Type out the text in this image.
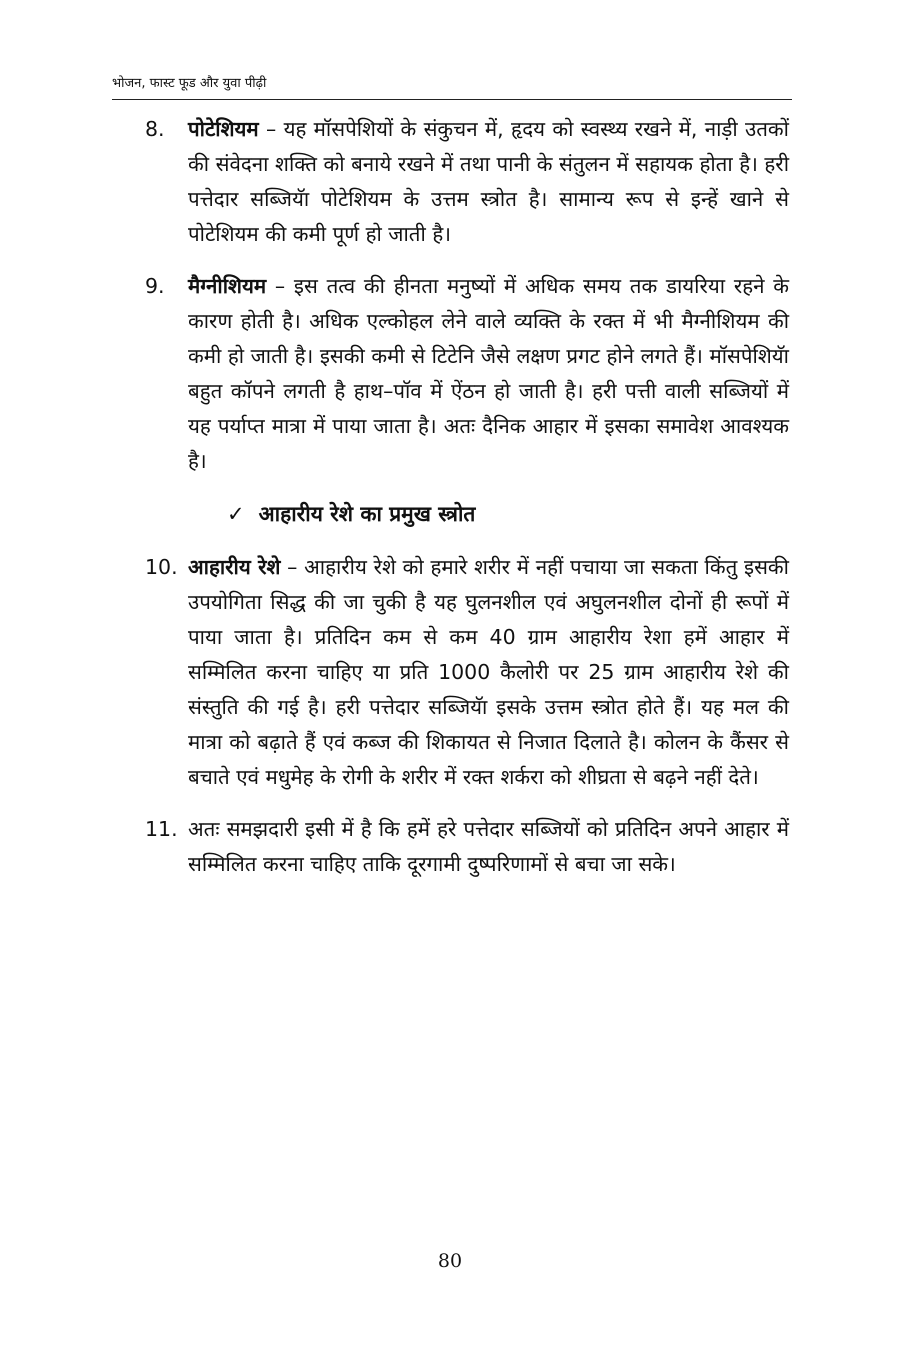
भोजन, फास्ट फूड और युवा पीढ़ी
8. पोटेशियम – यह मॉसपेशियों के संकुचन में, हृदय को स्वस्थ्य रखने में, नाड़ी उतकों की संवेदना शक्ति को बनाये रखने में तथा पानी के संतुलन में सहायक होता है। हरी पत्तेदार सब्जियॅा पोटेशियम के उत्तम स्त्रोत है। सामान्य रूप से इन्हें खाने से पोटेशियम की कमी पूर्ण हो जाती है।
9. मैग्नीशियम – इस तत्व की हीनता मनुष्यों में अधिक समय तक डायरिया रहने के कारण होती है। अधिक एल्कोहल लेने वाले व्यक्ति के रक्त में भी मैग्नीशियम की कमी हो जाती है। इसकी कमी से टिटेनि जैसे लक्षण प्रगट होने लगते हैं। मॉसपेशियॅा बहुत कॉपने लगती है हाथ–पॉव में ऐंठन हो जाती है। हरी पत्ती वाली सब्जियों में यह पर्याप्त मात्रा में पाया जाता है। अतः दैनिक आहार में इसका समावेश आवश्यक है।
✓ आहारीय रेशे का प्रमुख स्त्रोत
10. आहारीय रेशे – आहारीय रेशे को हमारे शरीर में नहीं पचाया जा सकता किंतु इसकी उपयोगिता सिद्ध की जा चुकी है यह घुलनशील एवं अघुलनशील दोनों ही रूपों में पाया जाता है। प्रतिदिन कम से कम 40 ग्राम आहारीय रेशा हमें आहार में सम्मिलित करना चाहिए या प्रति 1000 कैलोरी पर 25 ग्राम आहारीय रेशे की संस्तुति की गई है। हरी पत्तेदार सब्जियॅा इसके उत्तम स्त्रोत होते हैं। यह मल की मात्रा को बढ़ाते हैं एवं कब्ज की शिकायत से निजात दिलाते है। कोलन के कैंसर से बचाते एवं मधुमेह के रोगी के शरीर में रक्त शर्करा को शीघ्रता से बढ़ने नहीं देते।
11. अतः समझदारी इसी में है कि हमें हरे पत्तेदार सब्जियों को प्रतिदिन अपने आहार में सम्मिलित करना चाहिए ताकि दूरगामी दुष्परिणामों से बचा जा सके।
80
